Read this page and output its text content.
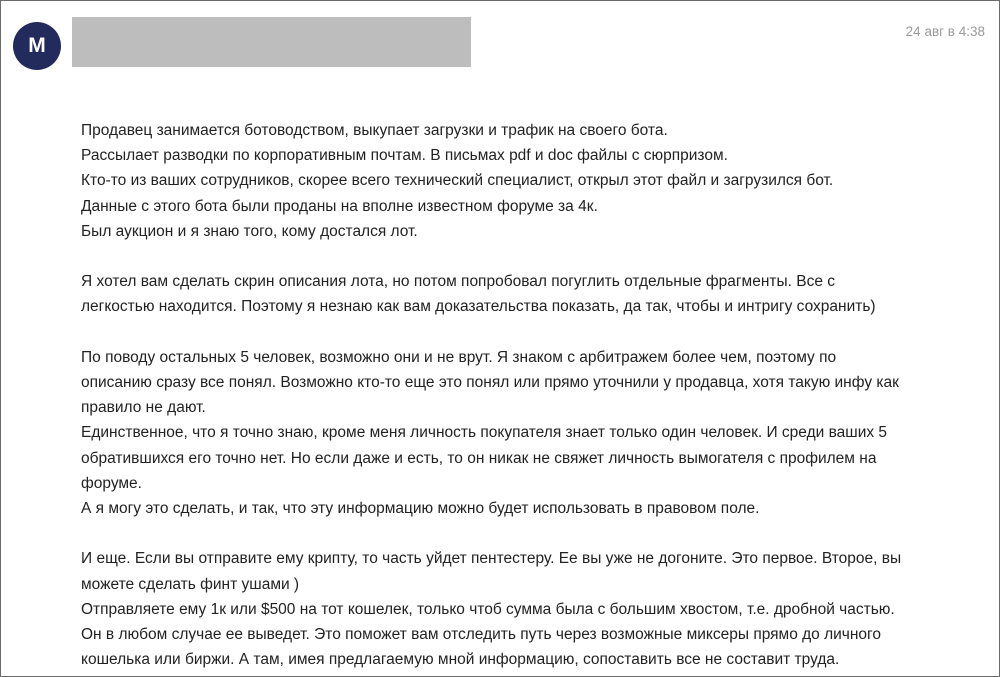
M
24 авг в 4:38

Продавец занимается ботоводством, выкупает загрузки и трафик на своего бота.
Рассылает разводки по корпоративным почтам. В письмах pdf и doc файлы с сюрпризом.
Кто-то из ваших сотрудников, скорее всего технический специалист, открыл этот файл и загрузился бот.
Данные с этого бота были проданы на вполне известном форуме за 4к.
Был аукцион и я знаю того, кому достался лот.

Я хотел вам сделать скрин описания лота, но потом попробовал погуглить отдельные фрагменты. Все с
легкостью находится. Поэтому я незнаю как вам доказательства показать, да так, чтобы и интригу сохранить)

По поводу остальных 5 человек, возможно они и не врут. Я знаком с арбитражем более чем, поэтому по
описанию сразу все понял. Возможно кто-то еще это понял или прямо уточнили у продавца, хотя такую инфу как
правило не дают.
Единственное, что я точно знаю, кроме меня личность покупателя знает только один человек. И среди ваших 5
обратившихся его точно нет. Но если даже и есть, то он никак не свяжет личность вымогателя с профилем на
форуме.
А я могу это сделать, и так, что эту информацию можно будет использовать в правовом поле.

И еще. Если вы отправите ему крипту, то часть уйдет пентестеру. Ее вы уже не догоните. Это первое. Второе, вы
можете сделать финт ушами )
Отправляете ему 1к или $500 на тот кошелек, только чтоб сумма была с большим хвостом, т.е. дробной частью.
Он в любом случае ее выведет. Это поможет вам отследить путь через возможные миксеры прямо до личного
кошелька или биржи. А там, имея предлагаемую мной информацию, сопоставить все не составит труда.
